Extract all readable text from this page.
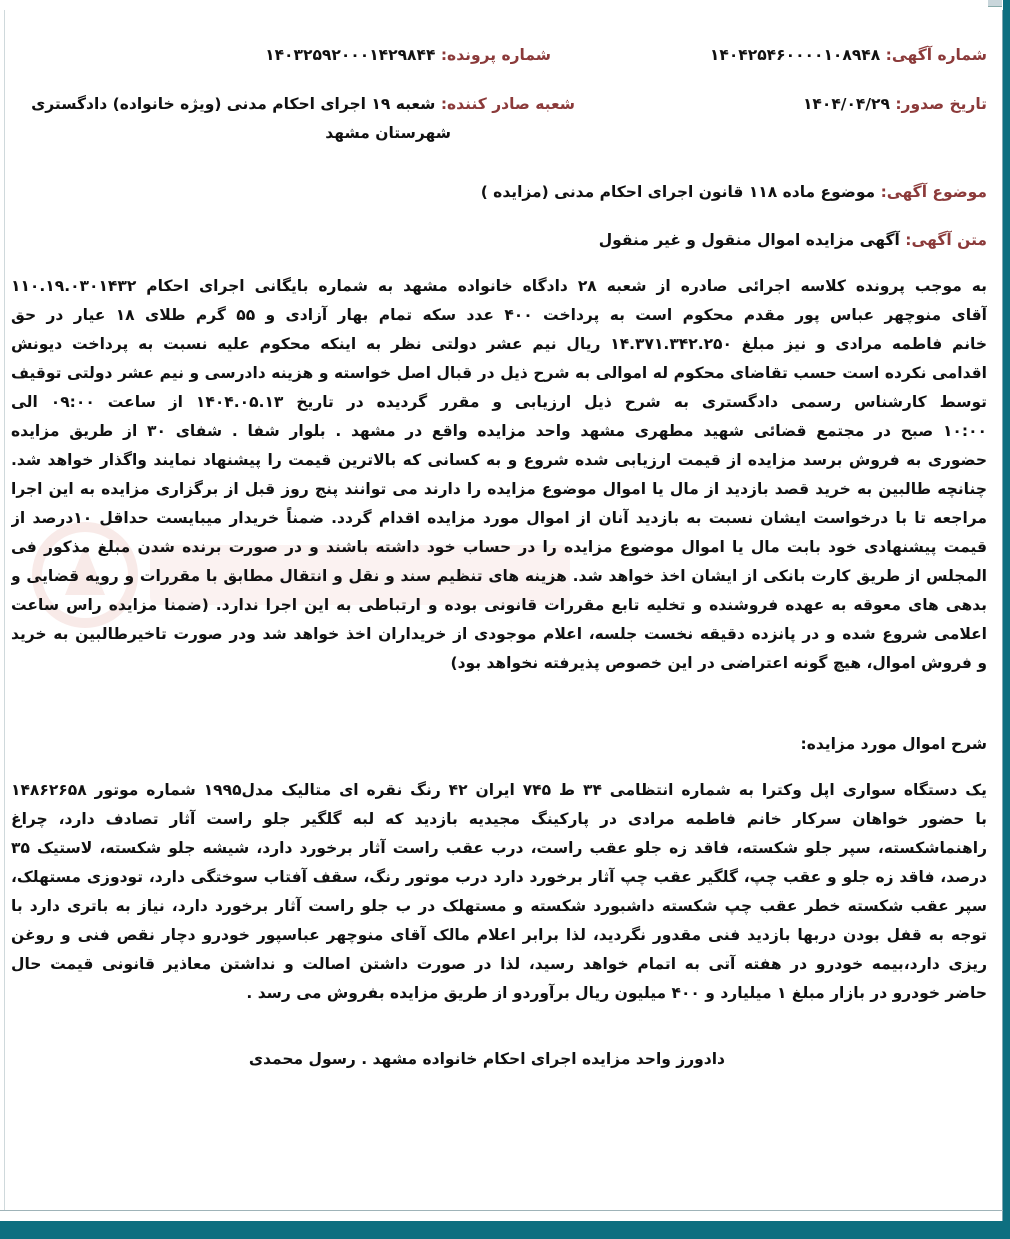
شماره آگهی: ۱۴۰۴۲۵۴۶۰۰۰۰۱۰۸۹۴۸
شماره پرونده: ۱۴۰۳۲۵۹۲۰۰۰۱۴۲۹۸۴۴
تاریخ صدور: ۱۴۰۴/۰۴/۲۹
شعبه صادر کننده: شعبه ۱۹ اجرای احکام مدنی (ویژه خانواده) دادگستری
شهرستان مشهد
موضوع آگهی: موضوع ماده ۱۱۸ قانون اجرای احکام مدنی (مزایده )
متن آگهی: آگهی مزایده اموال منقول و غیر منقول
به موجب پرونده کلاسه اجرائی صادره از شعبه ۲۸ دادگاه خانواده مشهد به شماره بایگانی اجرای احکام ۱۱۰.۱۹.۰۳۰۱۴۳۲
آقای منوچهر عباس پور مقدم محکوم است به پرداخت ۴۰۰ عدد سکه تمام بهار آزادی و ۵۵ گرم طلای ۱۸ عیار در حق
خانم فاطمه مرادی و نیز مبلغ ۱۴.۳۷۱.۳۴۲.۲۵۰ ریال نیم عشر دولتی نظر به اینکه محکوم علیه نسبت به پرداخت دیونش
اقدامی نکرده است حسب تقاضای محکوم له اموالی به شرح ذیل در قبال اصل خواسته و هزینه دادرسی و نیم عشر دولتی توقیف
توسط کارشناس رسمی دادگستری به شرح ذیل ارزیابی و مقرر گردیده در تاریخ ۱۴۰۴.۰۵.۱۳ از ساعت ۰۹:۰۰ الی
۱۰:۰۰ صبح در مجتمع قضائی شهید مطهری مشهد واحد مزایده واقع در مشهد . بلوار شفا . شفای ۳۰ از طریق مزایده
حضوری به فروش برسد مزایده از قیمت ارزیابی شده شروع و به کسانی که بالاترین قیمت را پیشنهاد نمایند واگذار خواهد شد.
چنانچه طالبین به خرید قصد بازدید از مال یا اموال موضوع مزایده را دارند می توانند پنج روز قبل از برگزاری مزایده به این اجرا
مراجعه تا با درخواست ایشان نسبت به بازدید آنان از اموال مورد مزایده اقدام گردد. ضمناً خریدار میبایست حداقل ۱۰درصد از
قیمت پیشنهادی خود بابت مال یا اموال موضوع مزایده را در حساب خود داشته باشند و در صورت برنده شدن مبلغ مذکور فی
المجلس از طریق کارت بانکی از ایشان اخذ خواهد شد. هزینه های تنظیم سند و نقل و انتقال مطابق با مقررات و رویه قضایی و
بدهی های معوقه به عهده فروشنده و تخلیه تابع مقررات قانونی بوده و ارتباطی به این اجرا ندارد. (ضمنا مزایده راس ساعت
اعلامی شروع شده و در پانزده دقیقه نخست جلسه، اعلام موجودی از خریداران اخذ خواهد شد ودر صورت تاخیرطالبین به خرید
و فروش اموال، هیچ گونه اعتراضی در این خصوص پذیرفته نخواهد بود)
شرح اموال مورد مزایده:
یک دستگاه سواری اپل وکترا به شماره انتظامی ۳۴ ط ۷۴۵ ایران ۴۲ رنگ نقره ای متالیک مدل۱۹۹۵ شماره موتور ۱۴۸۶۲۶۵۸
با حضور خواهان سرکار خانم فاطمه مرادی در پارکینگ مجیدیه بازدید که لبه گلگیر جلو راست آثار تصادف دارد، چراغ
راهنماشکسته، سپر جلو شکسته، فاقد زه جلو عقب راست، درب عقب راست آثار برخورد دارد، شیشه جلو شکسته، لاستیک ۳۵
درصد، فاقد زه جلو و عقب چپ، گلگیر عقب چپ آثار برخورد دارد درب موتور رنگ، سقف آفتاب سوختگی دارد، تودوزی مستهلک،
سپر عقب شکسته خطر عقب چپ شکسته داشبورد شکسته و مستهلک در ب جلو راست آثار برخورد دارد، نیاز به باتری دارد با
توجه به قفل بودن دربها بازدید فنی مقدور نگردید، لذا برابر اعلام مالک آقای منوچهر عباسپور خودرو دچار نقص فنی و روغن
ریزی دارد،بیمه خودرو در هفته آتی به اتمام خواهد رسید، لذا در صورت داشتن اصالت و نداشتن معاذیر قانونی قیمت حال
حاضر خودرو در بازار مبلغ ۱ میلیارد و ۴۰۰ میلیون ریال برآوردو از طریق مزایده بفروش می رسد .
دادورز واحد مزایده اجرای احکام خانواده مشهد . رسول محمدی
